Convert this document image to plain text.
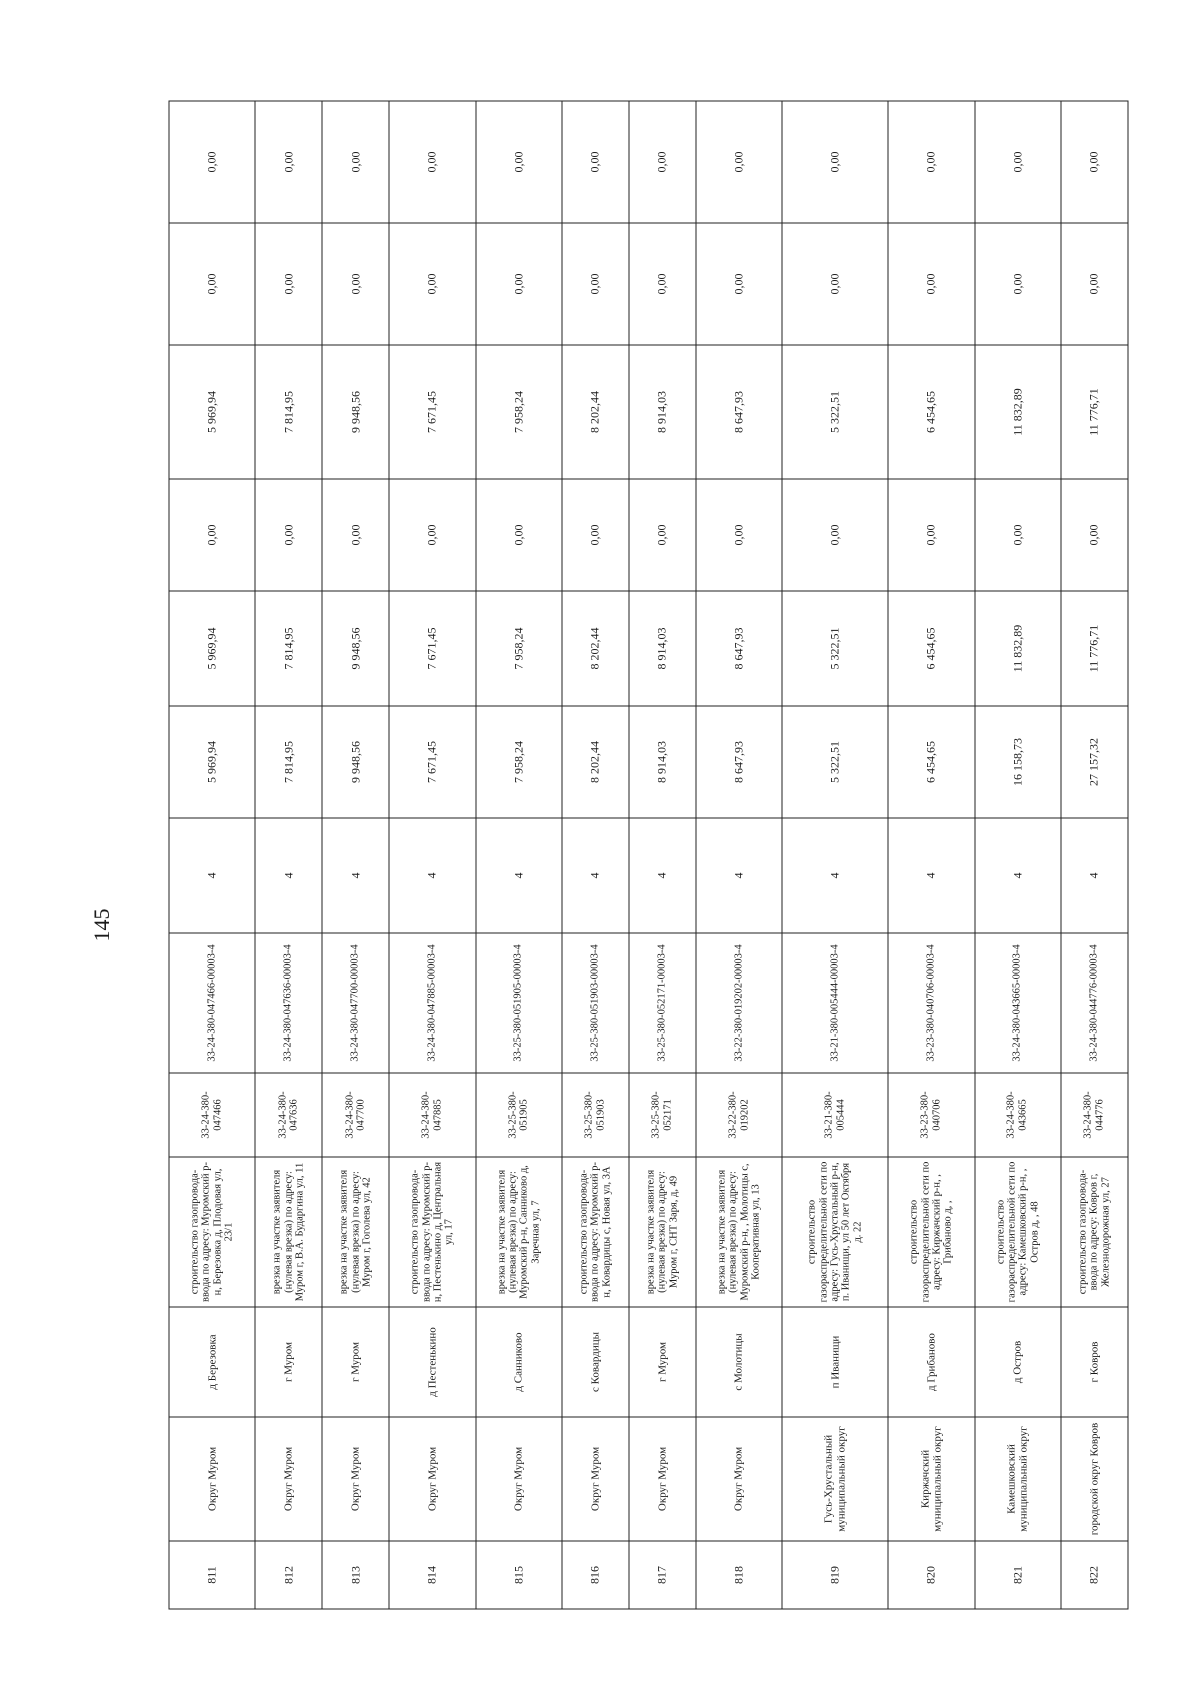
145
811	Округ Муром	д Березовка	строительство газопровода-ввода по адресу: Муромский р-н, Березовка д, Плодовая ул, 23/1	33-24-380-047466	33-24-380-047466-00003-4	4	5 969,94	5 969,94	0,00	5 969,94	0,00	0,00
812	Округ Муром	г Муром	врезка на участке заявителя (нулевая врезка) по адресу: Муром г, В.А. Бударгина ул, 11	33-24-380-047636	33-24-380-047636-00003-4	4	7 814,95	7 814,95	0,00	7 814,95	0,00	0,00
813	Округ Муром	г Муром	врезка на участке заявителя (нулевая врезка) по адресу: Муром г, Гоголева ул, 42	33-24-380-047700	33-24-380-047700-00003-4	4	9 948,56	9 948,56	0,00	9 948,56	0,00	0,00
814	Округ Муром	д Пестенькино	строительство газопровода-ввода по адресу: Муромский р-н, Пестенькино д, Центральная ул, 17	33-24-380-047885	33-24-380-047885-00003-4	4	7 671,45	7 671,45	0,00	7 671,45	0,00	0,00
815	Округ Муром	д Санниково	врезка на участке заявителя (нулевая врезка) по адресу: Муромский р-н, Санниково д, Заречная ул, 7	33-25-380-051905	33-25-380-051905-00003-4	4	7 958,24	7 958,24	0,00	7 958,24	0,00	0,00
816	Округ Муром	с Ковардицы	строительство газопровода-ввода по адресу: Муромский р-н, Ковардицы с, Новая ул, 3А	33-25-380-051903	33-25-380-051903-00003-4	4	8 202,44	8 202,44	0,00	8 202,44	0,00	0,00
817	Округ Муром	г Муром	врезка на участке заявителя (нулевая врезка) по адресу: Муром г, СНТ Заря, д, 49	33-25-380-052171	33-25-380-052171-00003-4	4	8 914,03	8 914,03	0,00	8 914,03	0,00	0,00
818	Округ Муром	с Молотицы	врезка на участке заявителя (нулевая врезка) по адресу: Муромский р-н, , Молотицы с, Кооперативная ул, 13	33-22-380-019202	33-22-380-019202-00003-4	4	8 647,93	8 647,93	0,00	8 647,93	0,00	0,00
819	Гусь-Хрустальный муниципальный округ	п Иванищи	строительство газораспределительной сети по адресу: Гусь-Хрустальный р-н, п. Иванищи, ул 50 лет Октября д. 22	33-21-380-005444	33-21-380-005444-00003-4	4	5 322,51	5 322,51	0,00	5 322,51	0,00	0,00
820	Киржачский муниципальный округ	д Грибаново	строительство газораспределительной сети по адресу: Киржачский р-н, , Грибаново д, ,	33-23-380-040706	33-23-380-040706-00003-4	4	6 454,65	6 454,65	0,00	6 454,65	0,00	0,00
821	Камешковский муниципальный округ	д Остров	строительство газораспределительной сети по адресу: Камешковский р-н, , Остров д, , 48	33-24-380-043665	33-24-380-043665-00003-4	4	16 158,73	11 832,89	0,00	11 832,89	0,00	0,00
822	городской округ Ковров	г Ковров	строительство газопровода-ввода по адресу: Ковров г, Железнодорожная ул, 27	33-24-380-044776	33-24-380-044776-00003-4	4	27 157,32	11 776,71	0,00	11 776,71	0,00	0,00
